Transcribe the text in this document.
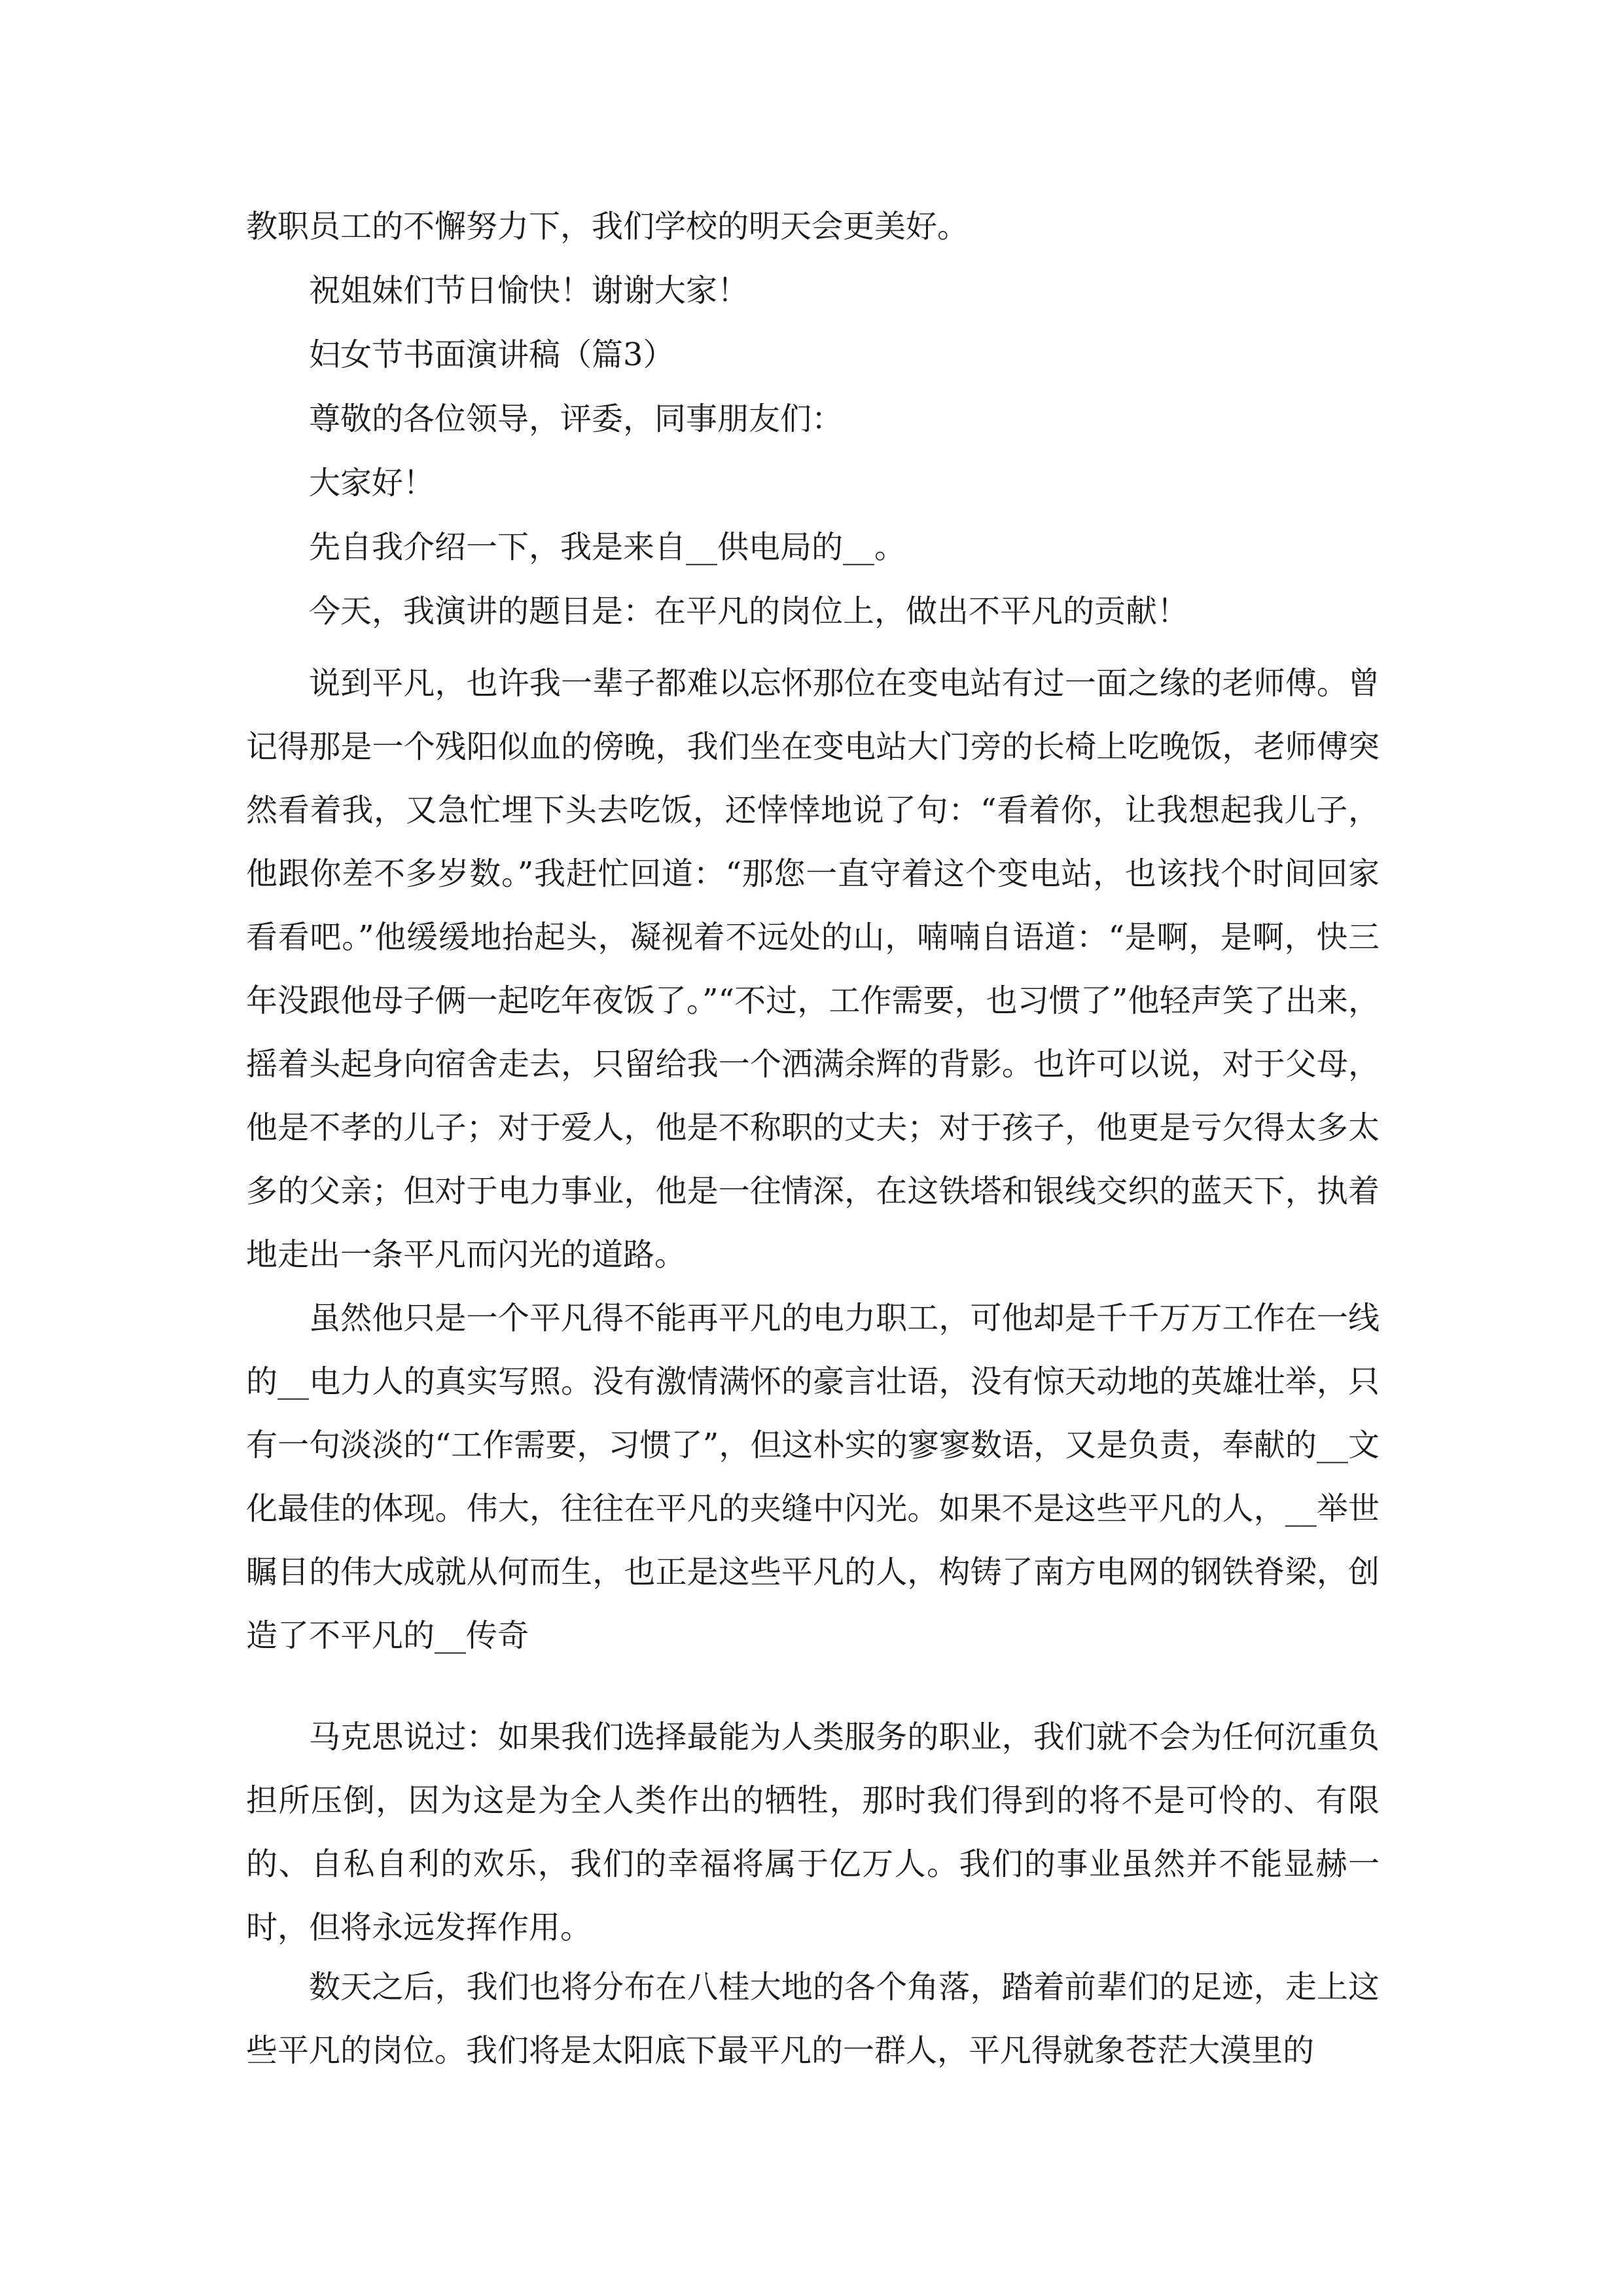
教职员工的不懈努力下，我们学校的明天会更美好。
祝姐妹们节日愉快！谢谢大家！
妇女节书面演讲稿（篇3）
尊敬的各位领导，评委，同事朋友们：
大家好！
先自我介绍一下，我是来自__供电局的__。
今天，我演讲的题目是：在平凡的岗位上，做出不平凡的贡献！
说到平凡，也许我一辈子都难以忘怀那位在变电站有过一面之缘的老师傅。曾记得那是一个残阳似血的傍晚，我们坐在变电站大门旁的长椅上吃晚饭，老师傅突然看着我，又急忙埋下头去吃饭，还悻悻地说了句：“看着你，让我想起我儿子，他跟你差不多岁数。”我赶忙回道：“那您一直守着这个变电站，也该找个时间回家看看吧。”他缓缓地抬起头，凝视着不远处的山，喃喃自语道：“是啊，是啊，快三年没跟他母子俩一起吃年夜饭了。”“不过，工作需要，也习惯了”他轻声笑了出来，摇着头起身向宿舍走去，只留给我一个洒满余辉的背影。也许可以说，对于父母，他是不孝的儿子；对于爱人，他是不称职的丈夫；对于孩子，他更是亏欠得太多太多的父亲；但对于电力事业，他是一往情深，在这铁塔和银线交织的蓝天下，执着地走出一条平凡而闪光的道路。
虽然他只是一个平凡得不能再平凡的电力职工，可他却是千千万万工作在一线的__电力人的真实写照。没有激情满怀的豪言壮语，没有惊天动地的英雄壮举，只有一句淡淡的“工作需要，习惯了”，但这朴实的寥寥数语，又是负责，奉献的__文化最佳的体现。伟大，往往在平凡的夹缝中闪光。如果不是这些平凡的人，__举世瞩目的伟大成就从何而生，也正是这些平凡的人，构铸了南方电网的钢铁脊梁，创造了不平凡的__传奇
马克思说过：如果我们选择最能为人类服务的职业，我们就不会为任何沉重负担所压倒，因为这是为全人类作出的牺牲，那时我们得到的将不是可怜的、有限的、自私自利的欢乐，我们的幸福将属于亿万人。我们的事业虽然并不能显赫一时，但将永远发挥作用。
数天之后，我们也将分布在八桂大地的各个角落，踏着前辈们的足迹，走上这些平凡的岗位。我们将是太阳底下最平凡的一群人，平凡得就象苍茫大漠里的
